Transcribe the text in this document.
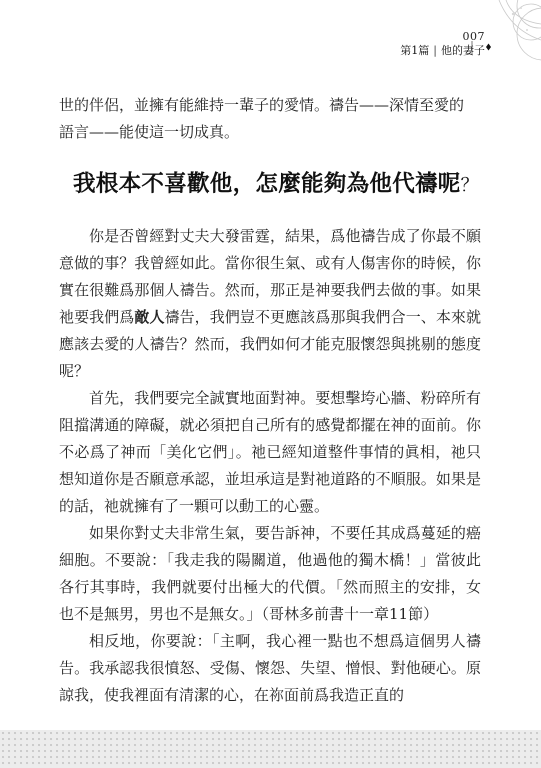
007
第1篇 | 他的妻子

世的伴侶，並擁有能維持一輩子的愛情。禱告——深情至愛的

語言——能使這一切成真。

我根本不喜歡他，怎麼能夠為他代禱呢？

你是否曾經對丈夫大發雷霆，結果，爲他禱告成了你最不願意做的事？我曾經如此。當你很生氣、或有人傷害你的時候，你實在很難爲那個人禱告。然而，那正是神要我們去做的事。如果祂要我們爲敵人禱告，我們豈不更應該爲那與我們合一、本來就應該去愛的人禱告？然而，我們如何才能克服懷怨與挑剔的態度呢？

首先，我們要完全誠實地面對神。要想擊垮心牆、粉碎所有阻擋溝通的障礙，就必須把自己所有的感覺都擺在神的面前。你不必爲了神而「美化它們」。祂已經知道整件事情的眞相，祂只想知道你是否願意承認，並坦承這是對祂道路的不順服。如果是的話，祂就擁有了一顆可以動工的心靈。

如果你對丈夫非常生氣，要告訴神，不要任其成爲蔓延的癌細胞。不要說：「我走我的陽關道，他過他的獨木橋！」當彼此各行其事時，我們就要付出極大的代價。「然而照主的安排，女也不是無男，男也不是無女。」（哥林多前書十一章11節）

相反地，你要說：「主啊，我心裡一點也不想爲這個男人禱告。我承認我很憤怒、受傷、懷怨、失望、憎恨、對他硬心。原諒我，使我裡面有清潔的心，在祢面前爲我造正直的
